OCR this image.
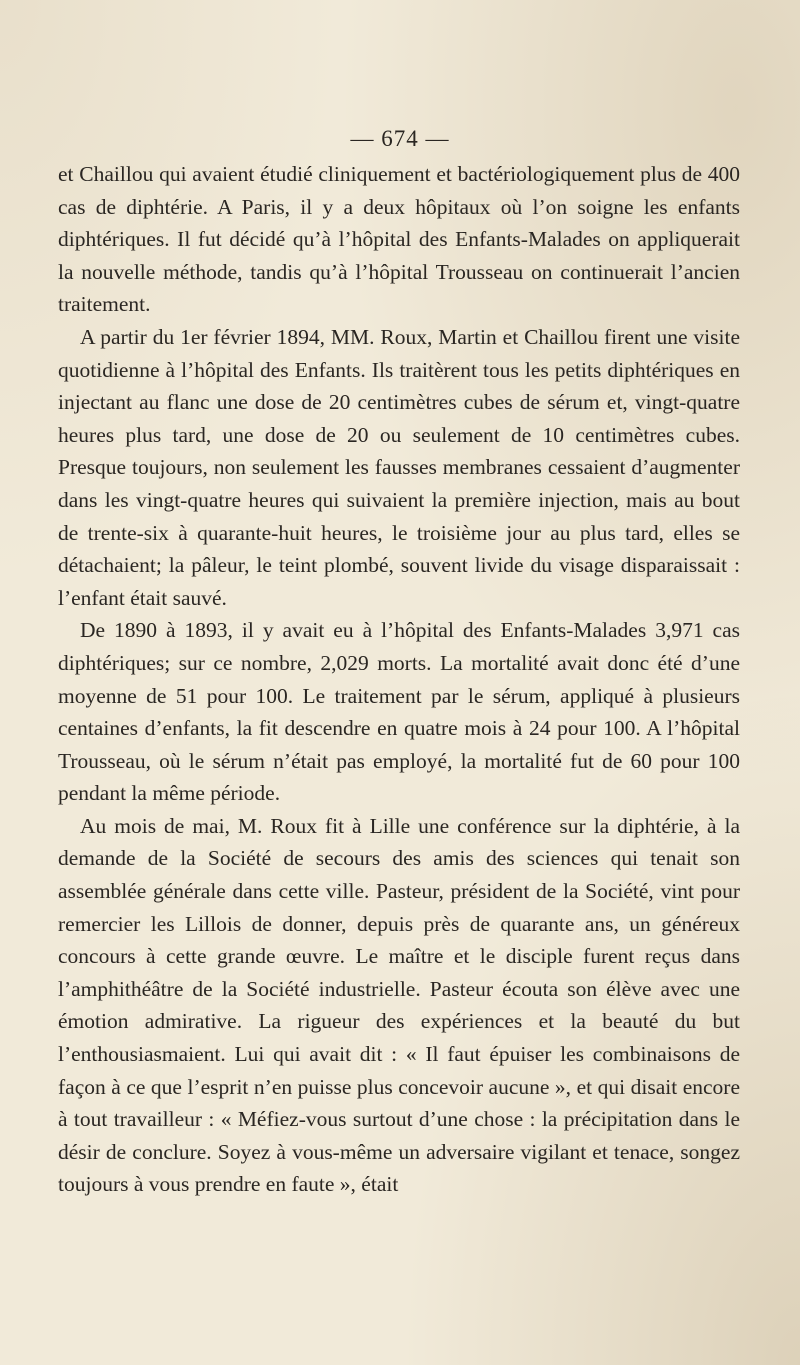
— 674 —

et Chaillou qui avaient étudié cliniquement et bactériologiquement plus de 400 cas de diphtérie. A Paris, il y a deux hôpitaux où l’on soigne les enfants diphtériques. Il fut décidé qu’à l’hôpital des Enfants-Malades on appliquerait la nouvelle méthode, tandis qu’à l’hôpital Trousseau on continuerait l’ancien traitement.

A partir du 1er février 1894, MM. Roux, Martin et Chaillou firent une visite quotidienne à l’hôpital des Enfants. Ils traitèrent tous les petits diphtériques en injectant au flanc une dose de 20 centimètres cubes de sérum et, vingt-quatre heures plus tard, une dose de 20 ou seulement de 10 centimètres cubes. Presque toujours, non seulement les fausses membranes cessaient d’augmenter dans les vingt-quatre heures qui suivaient la première injection, mais au bout de trente-six à quarante-huit heures, le troisième jour au plus tard, elles se détachaient; la pâleur, le teint plombé, souvent livide du visage disparaissait : l’enfant était sauvé.

De 1890 à 1893, il y avait eu à l’hôpital des Enfants-Malades 3,971 cas diphtériques; sur ce nombre, 2,029 morts. La mortalité avait donc été d’une moyenne de 51 pour 100. Le traitement par le sérum, appliqué à plusieurs centaines d’enfants, la fit descendre en quatre mois à 24 pour 100. A l’hôpital Trousseau, où le sérum n’était pas employé, la mortalité fut de 60 pour 100 pendant la même période.

Au mois de mai, M. Roux fit à Lille une conférence sur la diphtérie, à la demande de la Société de secours des amis des sciences qui tenait son assemblée générale dans cette ville. Pasteur, président de la Société, vint pour remercier les Lillois de donner, depuis près de quarante ans, un généreux concours à cette grande œuvre. Le maître et le disciple furent reçus dans l’amphithéâtre de la Société industrielle. Pasteur écouta son élève avec une émotion admirative. La rigueur des expériences et la beauté du but l’enthousiasmaient. Lui qui avait dit : « Il faut épuiser les combinaisons de façon à ce que l’esprit n’en puisse plus concevoir aucune », et qui disait encore à tout travailleur : « Méfiez-vous surtout d’une chose : la précipitation dans le désir de conclure. Soyez à vous-même un adversaire vigilant et tenace, songez toujours à vous prendre en faute », était
